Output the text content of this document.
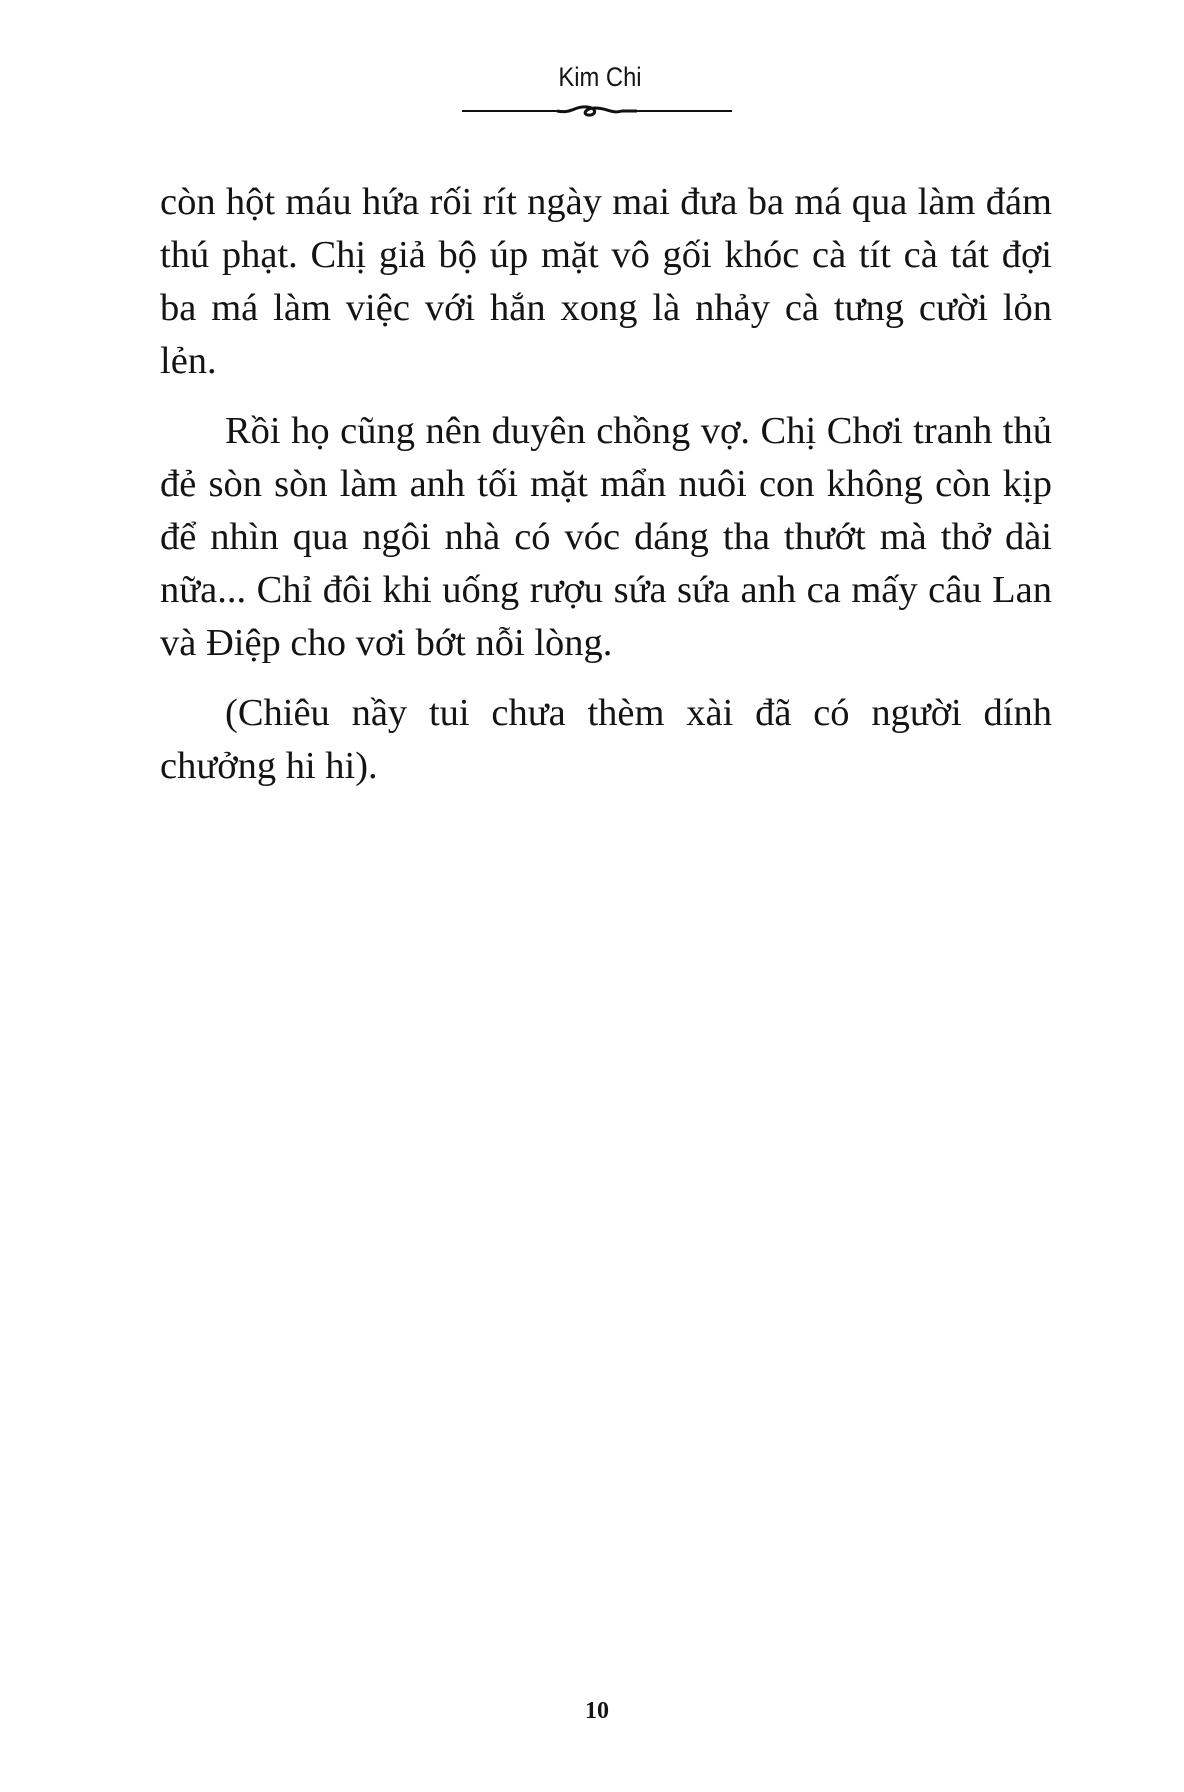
Kim Chi

còn hột máu hứa rối rít ngày mai đưa ba má qua làm đám thú phạt. Chị giả bộ úp mặt vô gối khóc cà tít cà tát đợi ba má làm việc với hắn xong là nhảy cà tưng cười lỏn lẻn.

Rồi họ cũng nên duyên chồng vợ. Chị Chơi tranh thủ đẻ sòn sòn làm anh tối mặt mẩn nuôi con không còn kịp để nhìn qua ngôi nhà có vóc dáng tha thướt mà thở dài nữa... Chỉ đôi khi uống rượu sứa sứa anh ca mấy câu Lan và Điệp cho vơi bớt nỗi lòng.

(Chiêu nầy tui chưa thèm xài đã có người dính chưởng hi hi).

10
